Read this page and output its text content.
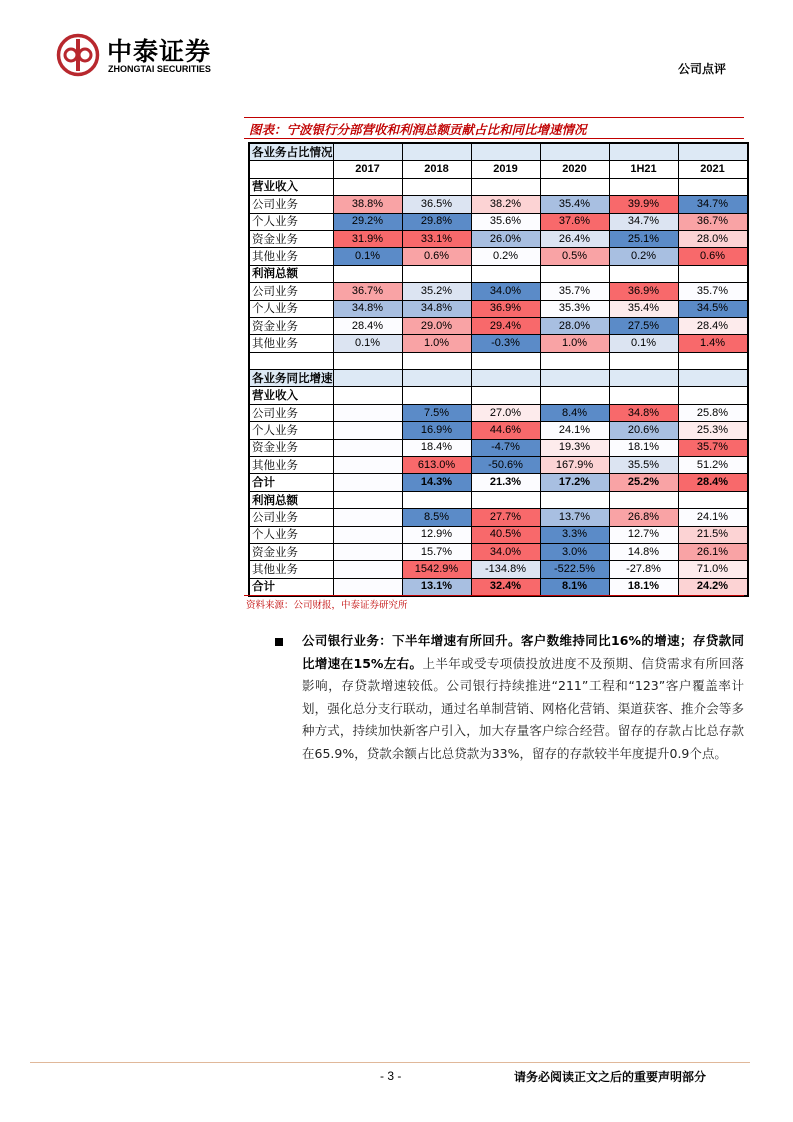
中泰证券
ZHONGTAI SECURITIES	公司点评
图表：宁波银行分部营收和利润总额贡献占比和同比增速情况
各业务占比情况						
	2017	2018	2019	2020	1H21	2021
营业收入						
公司业务	38.8%	36.5%	38.2%	35.4%	39.9%	34.7%
个人业务	29.2%	29.8%	35.6%	37.6%	34.7%	36.7%
资金业务	31.9%	33.1%	26.0%	26.4%	25.1%	28.0%
其他业务	0.1%	0.6%	0.2%	0.5%	0.2%	0.6%
利润总额						
公司业务	36.7%	35.2%	34.0%	35.7%	36.9%	35.7%
个人业务	34.8%	34.8%	36.9%	35.3%	35.4%	34.5%
资金业务	28.4%	29.0%	29.4%	28.0%	27.5%	28.4%
其他业务	0.1%	1.0%	-0.3%	1.0%	0.1%	1.4%

各业务同比增速						
营业收入						
公司业务		7.5%	27.0%	8.4%	34.8%	25.8%
个人业务		16.9%	44.6%	24.1%	20.6%	25.3%
资金业务		18.4%	-4.7%	19.3%	18.1%	35.7%
其他业务		613.0%	-50.6%	167.9%	35.5%	51.2%
合计		14.3%	21.3%	17.2%	25.2%	28.4%
利润总额						
公司业务		8.5%	27.7%	13.7%	26.8%	24.1%
个人业务		12.9%	40.5%	3.3%	12.7%	21.5%
资金业务		15.7%	34.0%	3.0%	14.8%	26.1%
其他业务		1542.9%	-134.8%	-522.5%	-27.8%	71.0%
合计		13.1%	32.4%	8.1%	18.1%	24.2%
资料来源：公司财报，中泰证券研究所
公司银行业务：下半年增速有所回升。客户数维持同比16%的增速；存贷款同比增速在15%左右。上半年或受专项债投放进度不及预期、信贷需求有所回落影响，存贷款增速较低。公司银行持续推进“211”工程和“123”客户覆盖率计划，强化总分支行联动，通过名单制营销、网格化营销、渠道获客、推介会等多种方式，持续加快新客户引入，加大存量客户综合经营。留存的存款占比总存款在65.9%，贷款余额占比总贷款为33%，留存的存款较半年度提升0.9个点。
- 3 -	请务必阅读正文之后的重要声明部分
